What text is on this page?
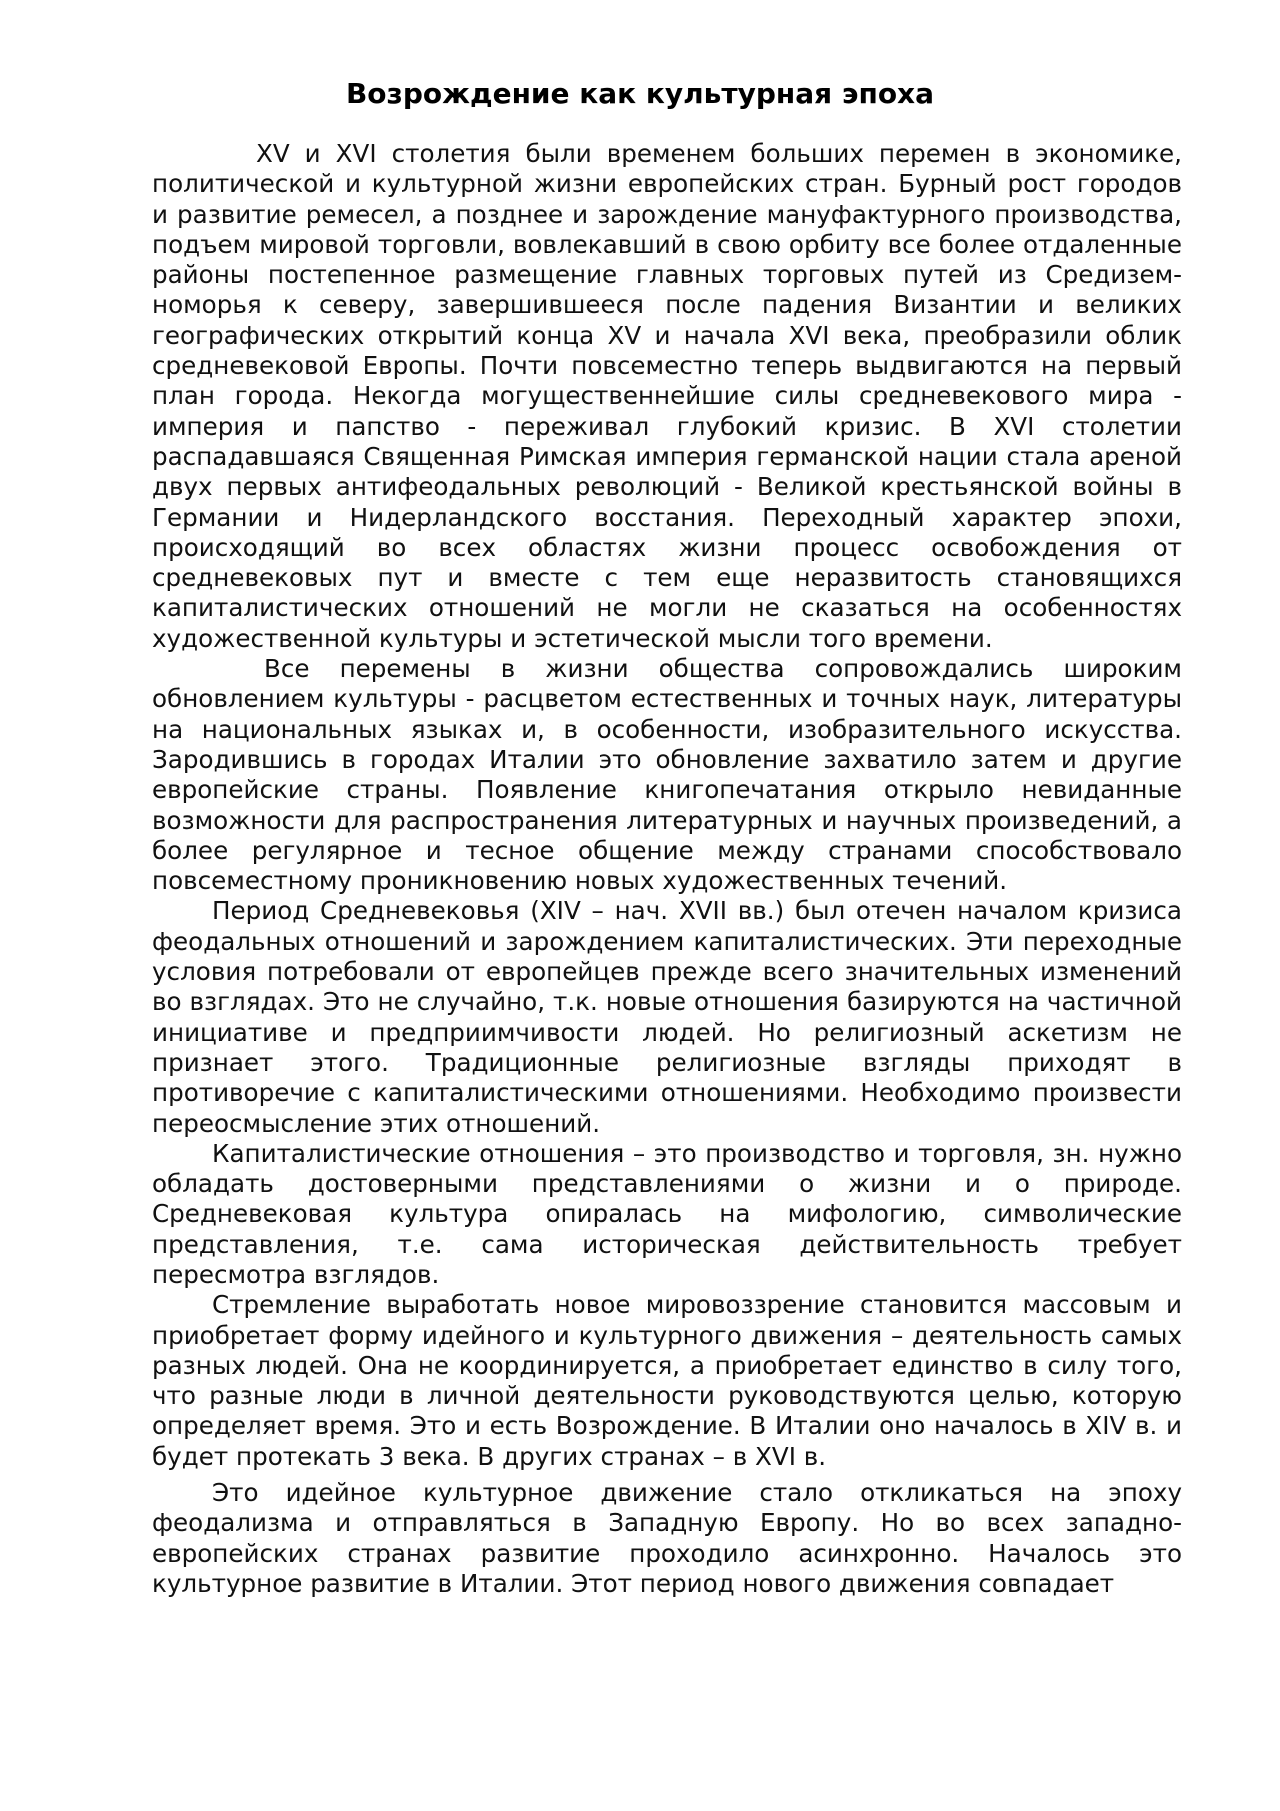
Возрождение как культурная эпоха

XV и XVI столетия были временем больших перемен в экономике, политической и культурной жизни европейских стран. Бурный рост городов и развитие ремесел, а позднее и зарождение мануфактурного производства, подъем мировой торговли, вовлекавший в свою орбиту все более отдаленные районы постепенное размещение главных торговых путей из Средизем-номорья к северу, завершившееся после падения Византии и великих географических открытий конца XV и начала XVI века, преобразили облик средневековой Европы. Почти повсеместно теперь выдвигаются на первый план города. Некогда могущественнейшие силы средневекового мира - империя и папство - переживал глубокий кризис. В XVI столетии распадавшаяся Священная Римская империя германской нации стала ареной двух первых антифеодальных революций - Великой крестьянской войны в Германии и Нидерландского восстания. Переходный характер эпохи, происходящий во всех областях жизни процесс освобождения от средневековых пут и вместе с тем еще неразвитость становящихся капиталистических отношений не могли не сказаться на особенностях художественной культуры и эстетической мысли того времени.

Все перемены в жизни общества сопровождались широким обновлением культуры - расцветом естественных и точных наук, литературы на национальных языках и, в особенности, изобразительного искусства. Зародившись в городах Италии это обновление захватило затем и другие европейские страны. Появление книгопечатания открыло невиданные возможности для распространения литературных и научных произведений, а более регулярное и тесное общение между странами способствовало повсеместному проникновению новых художественных течений.

Период Средневековья (XIV – нач. XVII вв.) был отечен началом кризиса феодальных отношений и зарождением капиталистических. Эти переходные условия потребовали от европейцев прежде всего значительных изменений во взглядах. Это не случайно, т.к. новые отношения базируются на частичной инициативе и предприимчивости людей. Но религиозный аскетизм не признает этого. Традиционные религиозные взгляды приходят в противоречие с капиталистическими отношениями. Необходимо произвести переосмысление этих отношений.

Капиталистические отношения – это производство и торговля, зн. нужно обладать достоверными представлениями о жизни и о природе. Средневековая культура опиралась на мифологию, символические представления, т.е. сама историческая действительность требует пересмотра взглядов.

Стремление выработать новое мировоззрение становится массовым и приобретает форму идейного и культурного движения – деятельность самых разных людей. Она не координируется, а приобретает единство в силу того, что разные люди в личной деятельности руководствуются целью, которую определяет время. Это и есть Возрождение. В Италии оно началось в XIV в. и будет протекать 3 века. В других странах – в XVI в.

Это идейное культурное движение стало откликаться на эпоху феодализма и отправляться в Западную Европу. Но во всех западно-европейских странах развитие проходило асинхронно. Началось это культурное развитие в Италии. Этот период нового движения совпадает
